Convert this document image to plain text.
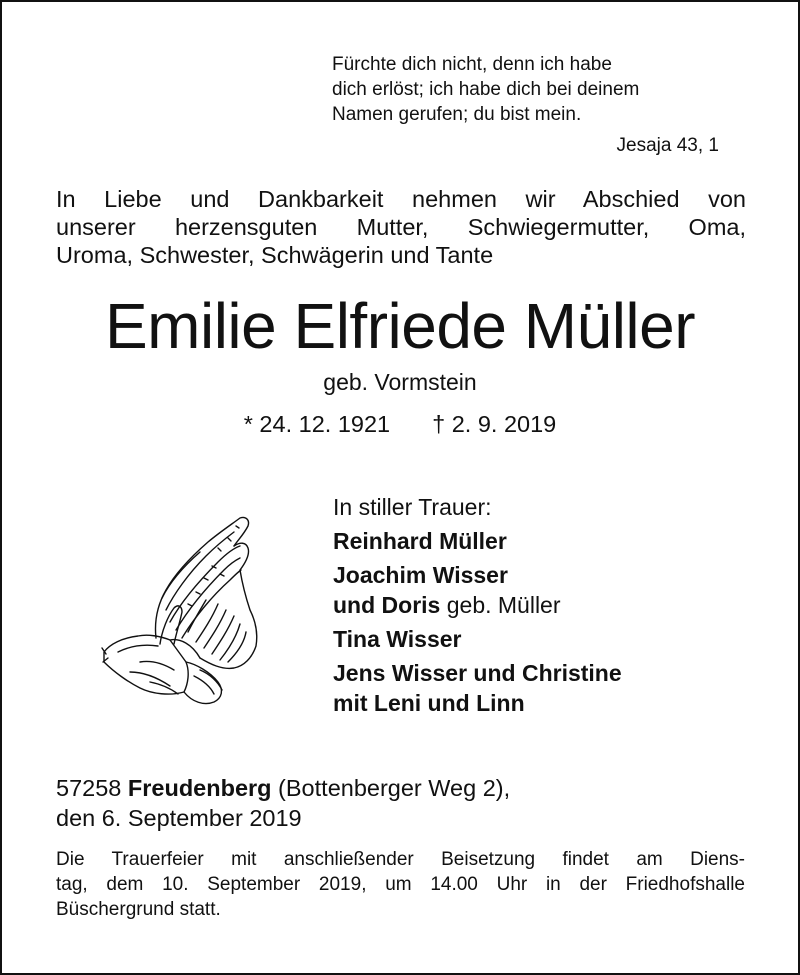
Fürchte dich nicht, denn ich habe
dich erlöst; ich habe dich bei deinem
Namen gerufen; du bist mein.
Jesaja 43, 1
In Liebe und Dankbarkeit nehmen wir Abschied von
unserer herzensguten Mutter, Schwiegermutter, Oma,
Uroma, Schwester, Schwägerin und Tante
Emilie Elfriede Müller
geb. Vormstein
* 24. 12. 1921 † 2. 9. 2019
In stiller Trauer:
Reinhard Müller
Joachim Wisser
und Doris geb. Müller
Tina Wisser
Jens Wisser und Christine
mit Leni und Linn
57258 Freudenberg (Bottenberger Weg 2),
den 6. September 2019
Die Trauerfeier mit anschließender Beisetzung findet am Diens-
tag, dem 10. September 2019, um 14.00 Uhr in der Friedhofshalle
Büschergrund statt.
